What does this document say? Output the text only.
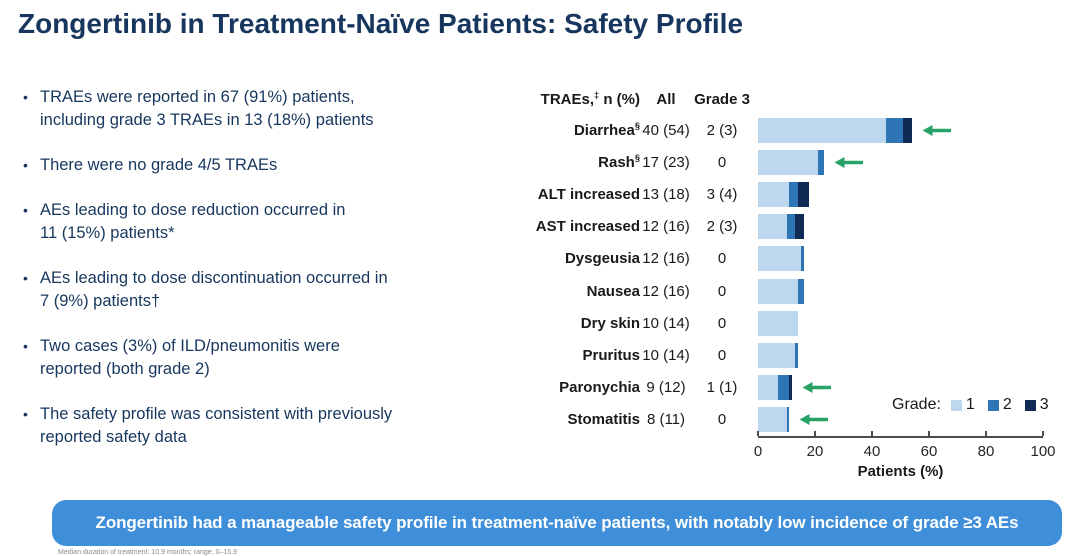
Zongertinib in Treatment-Naïve Patients: Safety Profile
• TRAEs were reported in 67 (91%) patients,
including grade 3 TRAEs in 13 (18%) patients
• There were no grade 4/5 TRAEs
• AEs leading to dose reduction occurred in
11 (15%) patients*
• AEs leading to dose discontinuation occurred in
7 (9%) patients†
• Two cases (3%) of ILD/pneumonitis were
reported (both grade 2)
• The safety profile was consistent with previously
reported safety data
TRAEs,‡ n (%)	All	Grade 3
Diarrhea§ 40 (54)	2 (3)
Rash§ 17 (23)	0
ALT increased 13 (18)	3 (4)
AST increased 12 (16)	2 (3)
Dysgeusia 12 (16)	0
Nausea 12 (16)	0
Dry skin 10 (14)	0
Pruritus 10 (14)	0
Paronychia 9 (12)	1 (1)
Stomatitis 8 (11)	0
Patients (%)
0	20	40	60	80 100
Grade: 1 2 3
Zongertinib had a manageable safety profile in treatment-naïve patients, with notably low incidence of grade ≥3 AEs
Median duration of treatment: 10.9 months; range: 0–15.9
